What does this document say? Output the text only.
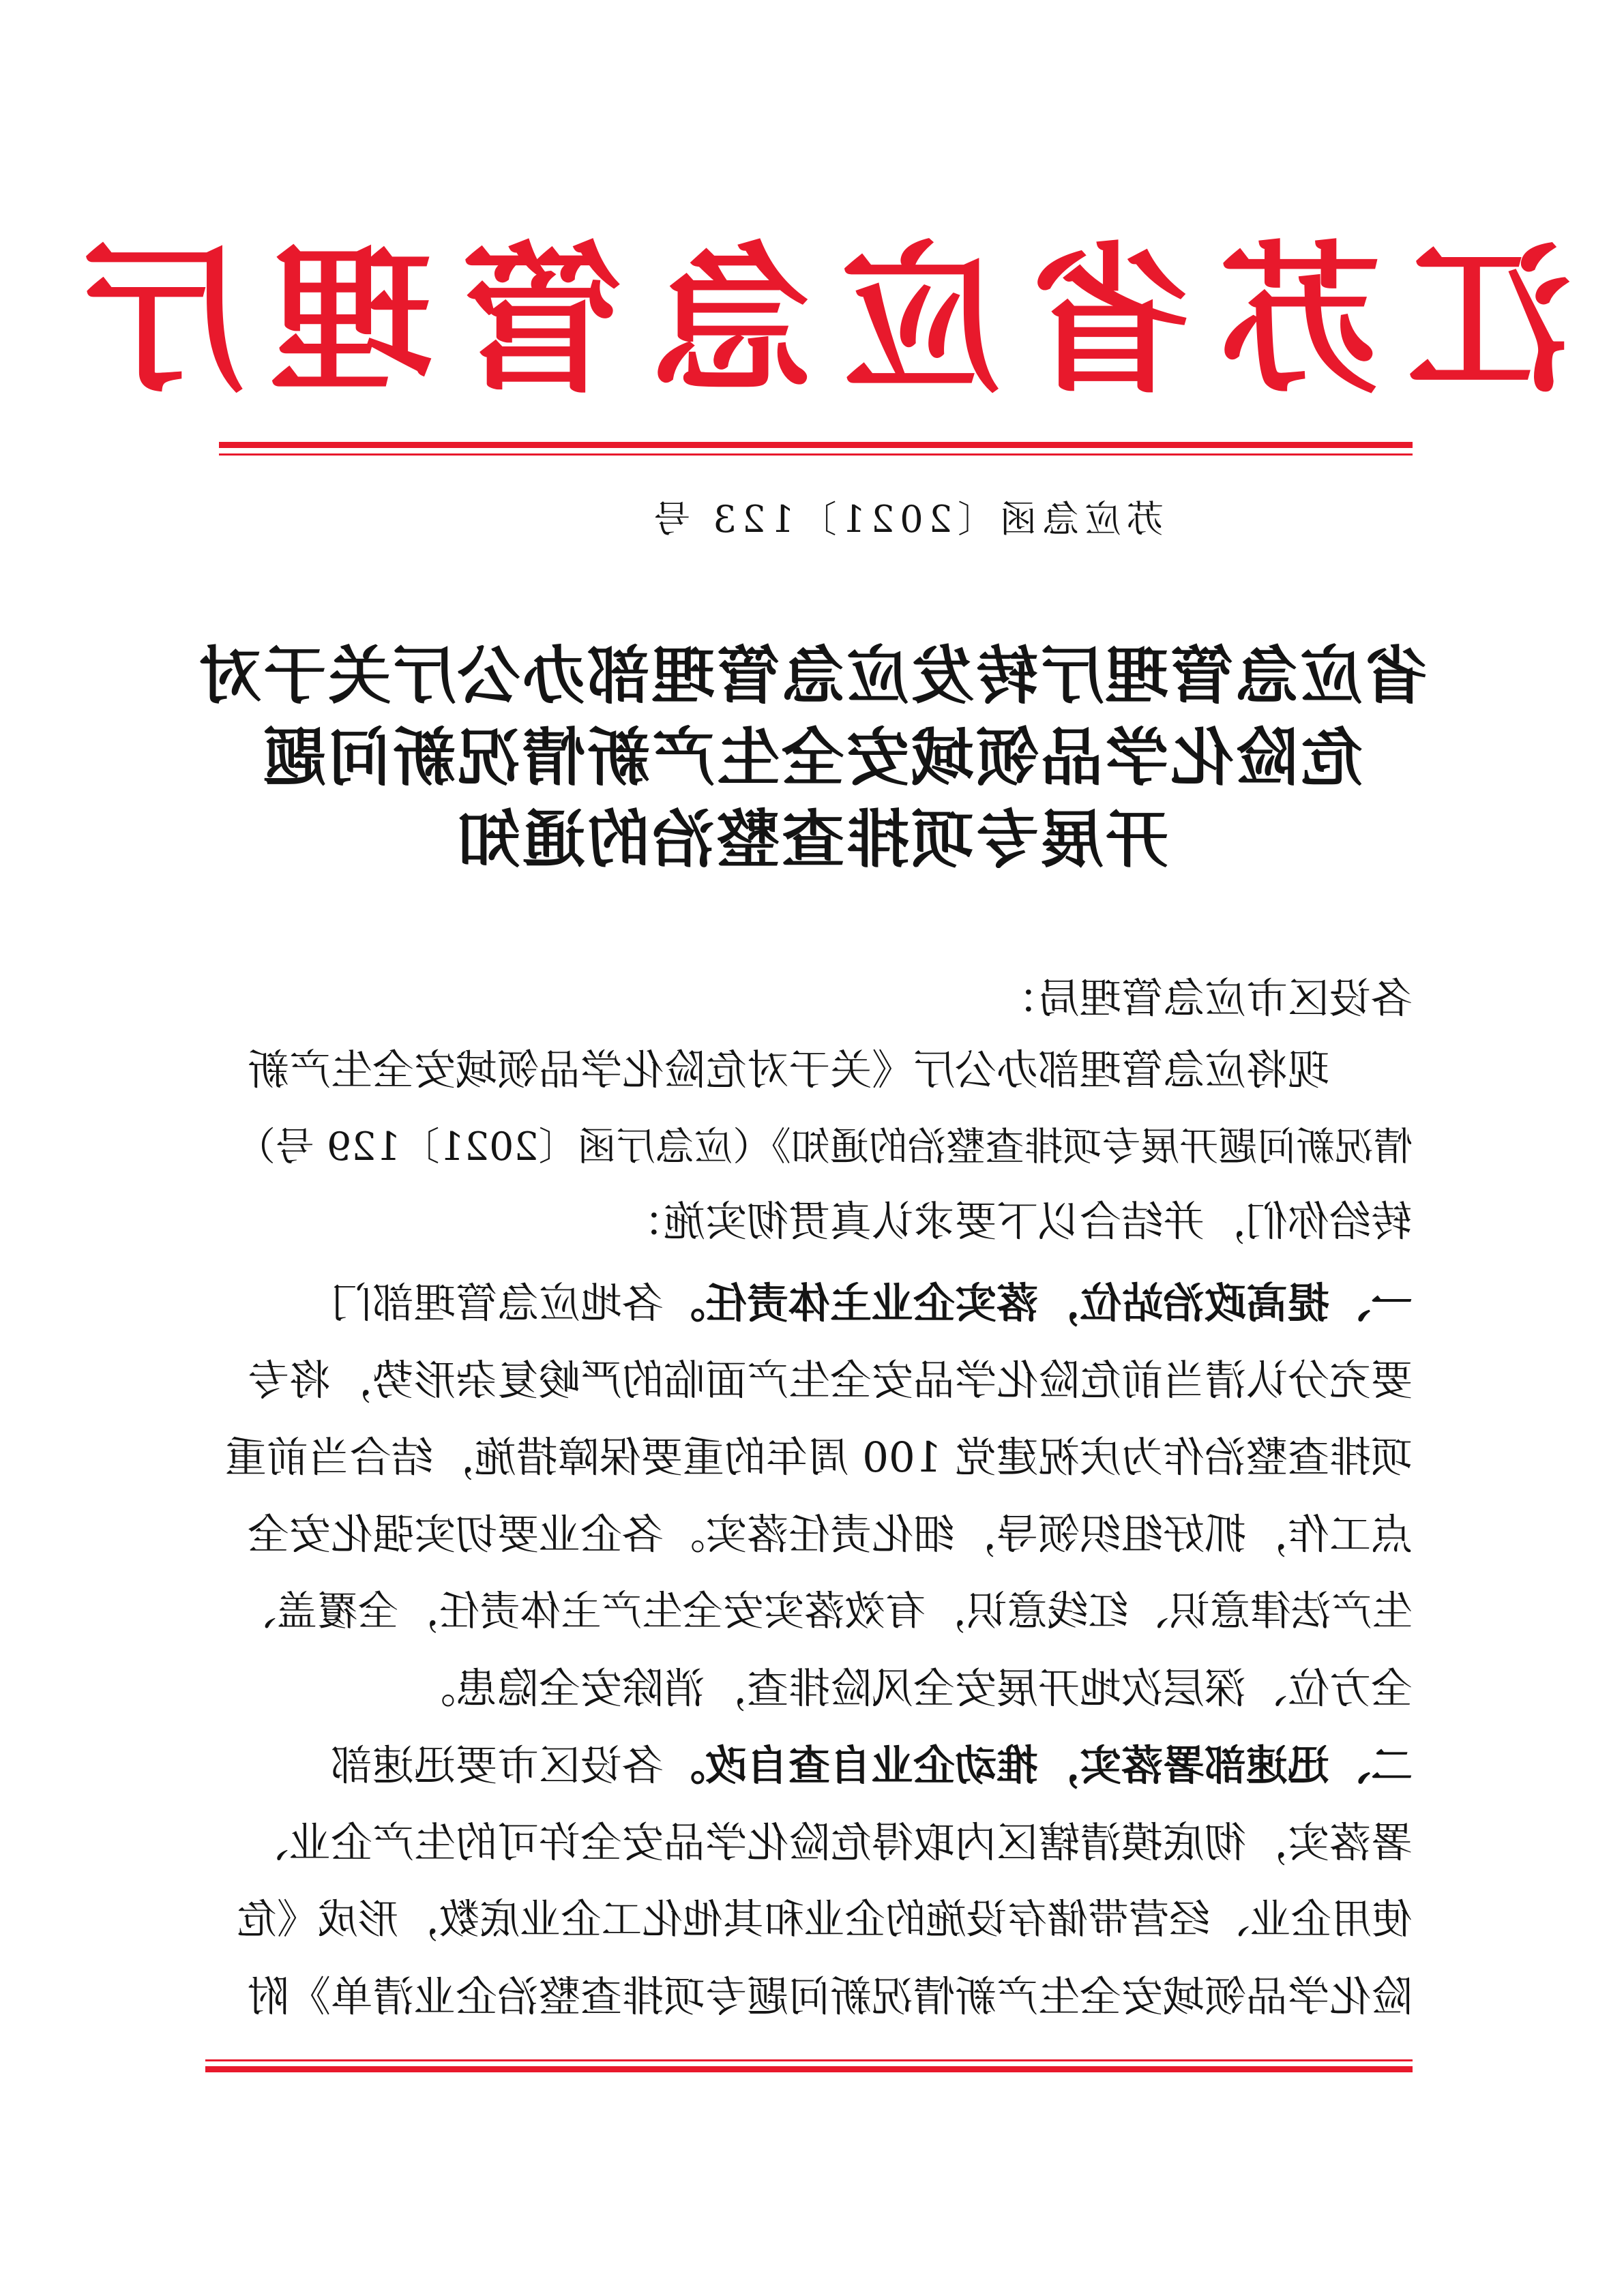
江苏省应急管理厅
苏应急函〔2021〕123 号
省应急管理厅转发应急管理部办公厅关于对
危险化学品领域安全生产新情况新问题
开展专项排查整治的通知
各设区市应急管理局：
现将应急管理部办公厅《关于对危险化学品领域安全生产新
情况新问题开展专项排查整治的通知》（应急厅函〔2021〕129 号）
转给你们，并结合以下要求认真贯彻实施：
一、提高政治站位，落实企业主体责任。各地应急管理部门
要充分认清当前危险化学品安全生产面临的严峻复杂形势，将专
项排查整治作为庆祝建党 100 周年的重要保障措施，结合当前重
点工作，抓好组织领导，细化责任落实。各企业要切实强化安全
生产法律意识、红线意识，有效落实安全生产主体责任，全覆盖、
全方位、深层次地开展安全风险排查，消除安全隐患。
二、迅速部署落实，推动企业自查自改。各设区市要迅速部
署落实，彻底摸清辖区内取得危险化学品安全许可的生产企业、
使用企业、经营带储存设施的企业和其他化工企业底数，形成《危
险化学品领域安全生产新情况新问题专项排查整治企业清单》附
